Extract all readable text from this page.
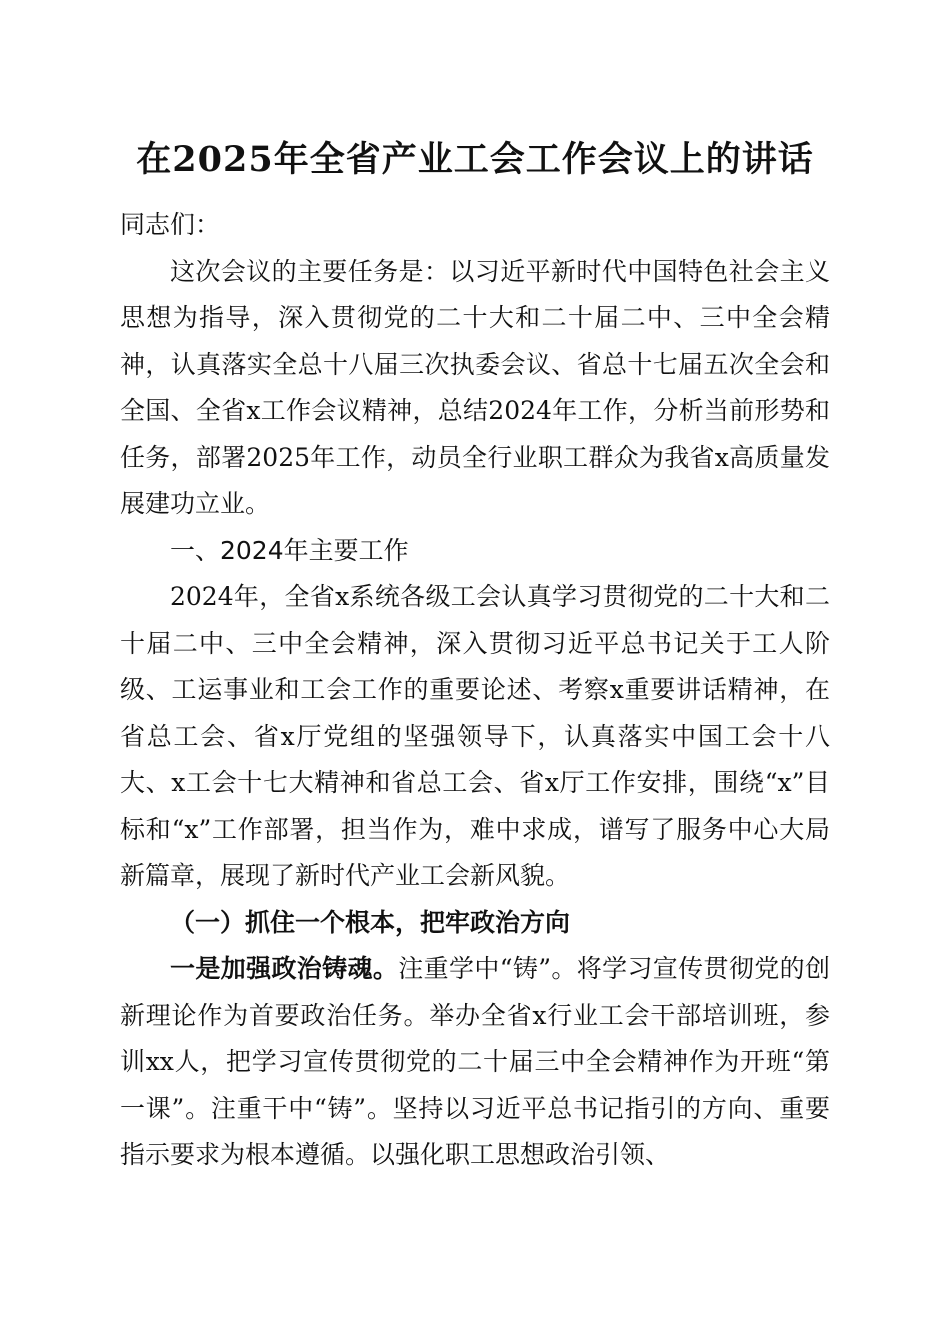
在2025年全省产业工会工作会议上的讲话

同志们：

这次会议的主要任务是：以习近平新时代中国特色社会主义思想为指导，深入贯彻党的二十大和二十届二中、三中全会精神，认真落实全总十八届三次执委会议、省总十七届五次全会和全国、全省x工作会议精神，总结2024年工作，分析当前形势和任务，部署2025年工作，动员全行业职工群众为我省x高质量发展建功立业。

一、2024年主要工作

2024年，全省x系统各级工会认真学习贯彻党的二十大和二十届二中、三中全会精神，深入贯彻习近平总书记关于工人阶级、工运事业和工会工作的重要论述、考察x重要讲话精神，在省总工会、省x厅党组的坚强领导下，认真落实中国工会十八大、x工会十七大精神和省总工会、省x厅工作安排，围绕“x”目标和“x”工作部署，担当作为，难中求成，谱写了服务中心大局新篇章，展现了新时代产业工会新风貌。

（一）抓住一个根本，把牢政治方向

一是加强政治铸魂。注重学中“铸”。将学习宣传贯彻党的创新理论作为首要政治任务。举办全省x行业工会干部培训班，参训xx人，把学习宣传贯彻党的二十届三中全会精神作为开班“第一课”。注重干中“铸”。坚持以习近平总书记指引的方向、重要指示要求为根本遵循。以强化职工思想政治引领、
